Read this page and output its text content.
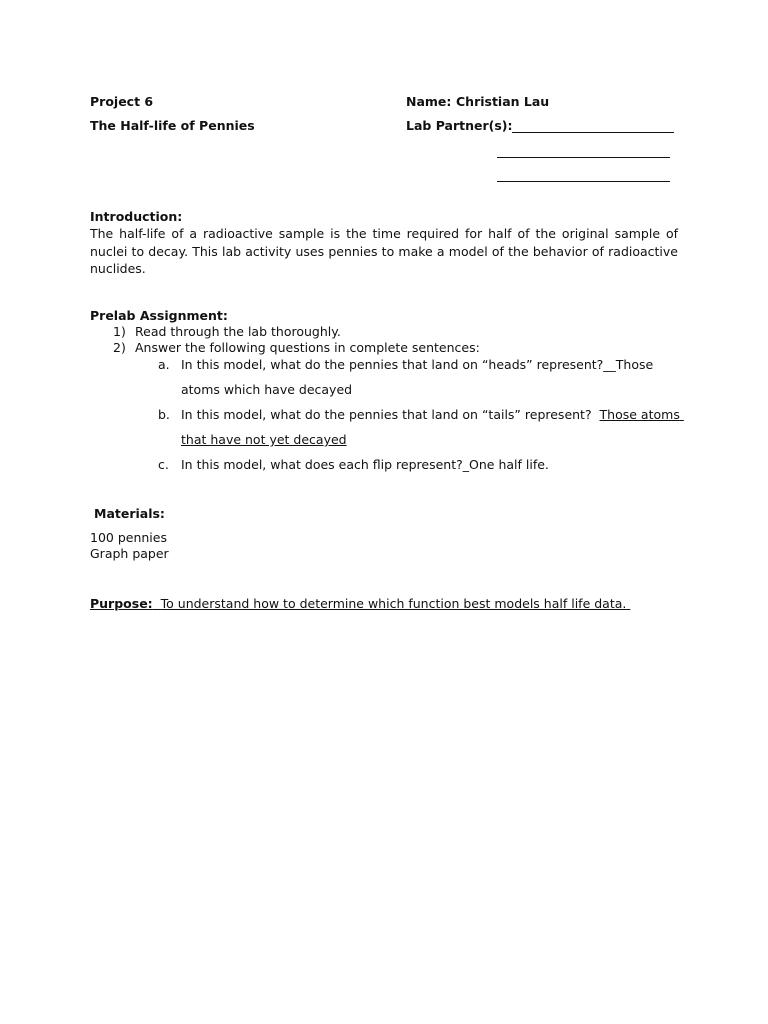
Project 6
The Half-life of Pennies
Name: Christian Lau
Lab Partner(s):
Introduction:
The half-life of a radioactive sample is the time required for half of the original sample of nuclei to decay. This lab activity uses pennies to make a model of the behavior of radioactive nuclides.
Prelab Assignment:
1) Read through the lab thoroughly.
2) Answer the following questions in complete sentences:
a. In this model, what do the pennies that land on “heads” represent?__Those
atoms which have decayed
b. In this model, what do the pennies that land on “tails” represent? Those atoms
that have not yet decayed
c. In this model, what does each flip represent?_One half life.
Materials:
100 pennies
Graph paper
Purpose: To understand how to determine which function best models half life data.
